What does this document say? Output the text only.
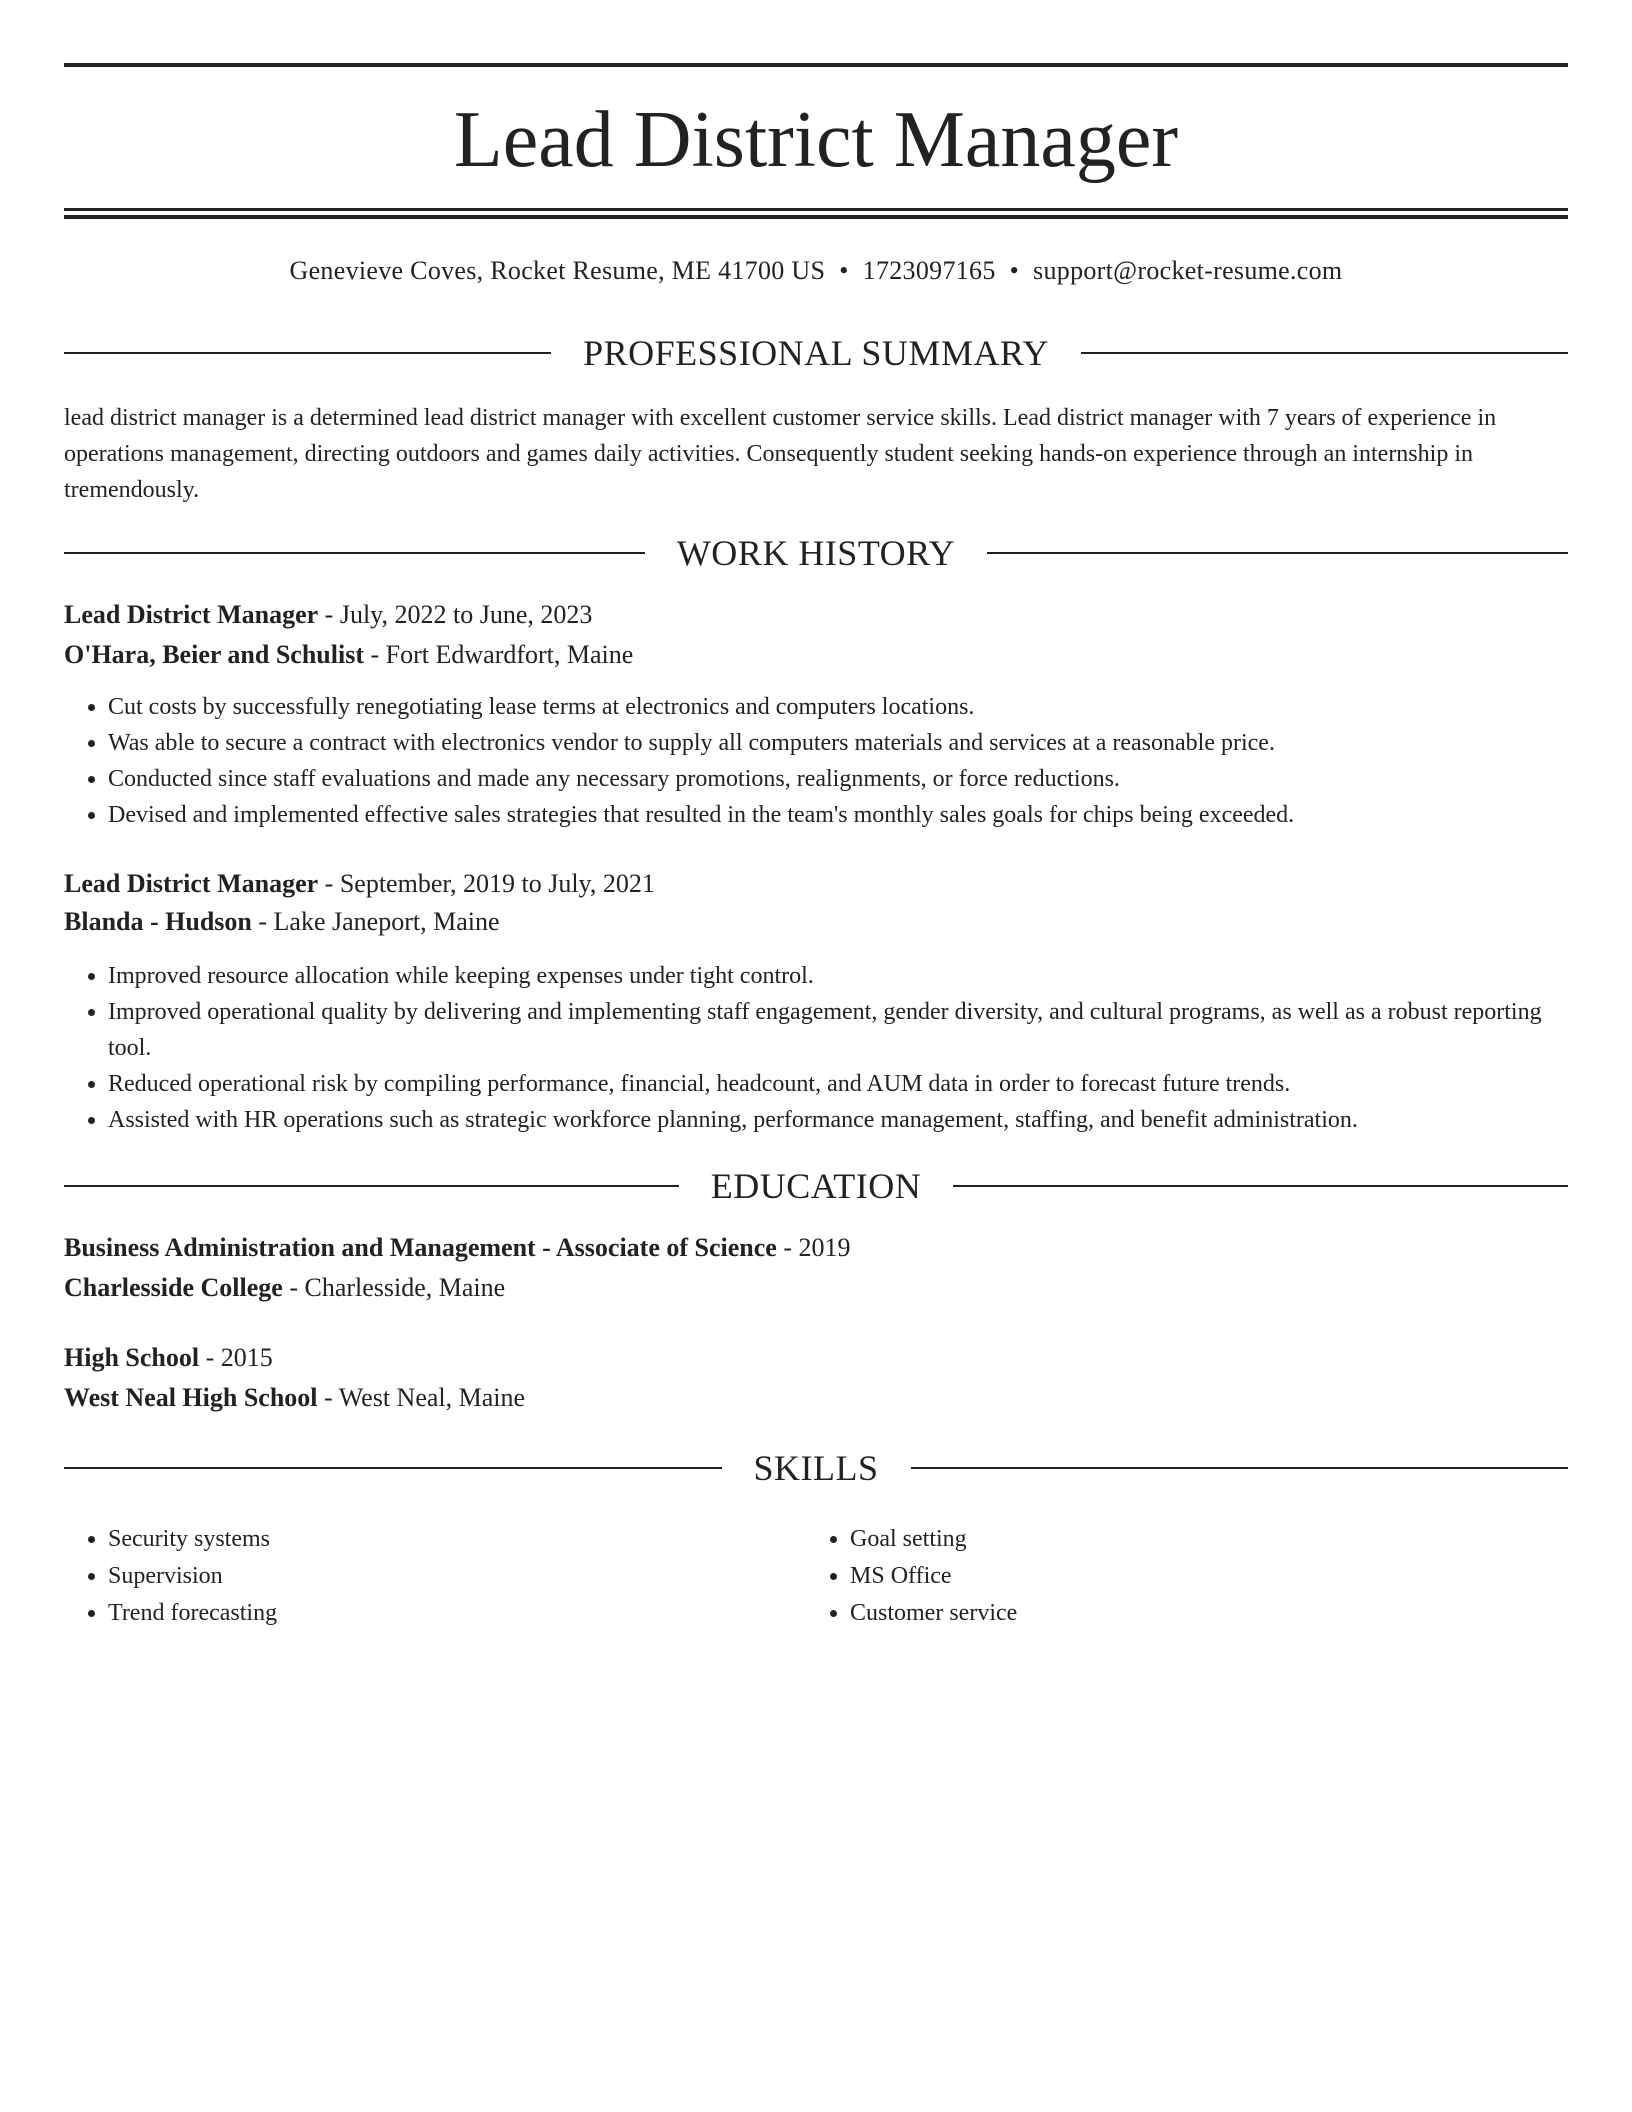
Lead District Manager
Genevieve Coves, Rocket Resume, ME 41700 US • 1723097165 • support@rocket-resume.com
PROFESSIONAL SUMMARY

lead district manager is a determined lead district manager with excellent customer service skills. Lead district manager with 7 years of experience in operations management, directing outdoors and games daily activities. Consequently student seeking hands-on experience through an internship in tremendously.

WORK HISTORY
Lead District Manager - July, 2022 to June, 2023
O'Hara, Beier and Schulist - Fort Edwardfort, Maine
• Cut costs by successfully renegotiating lease terms at electronics and computers locations.
• Was able to secure a contract with electronics vendor to supply all computers materials and services at a reasonable price.
• Conducted since staff evaluations and made any necessary promotions, realignments, or force reductions.
• Devised and implemented effective sales strategies that resulted in the team's monthly sales goals for chips being exceeded.
Lead District Manager - September, 2019 to July, 2021
Blanda - Hudson - Lake Janeport, Maine
• Improved resource allocation while keeping expenses under tight control.
• Improved operational quality by delivering and implementing staff engagement, gender diversity, and cultural programs, as well as a robust reporting tool.
• Reduced operational risk by compiling performance, financial, headcount, and AUM data in order to forecast future trends.
• Assisted with HR operations such as strategic workforce planning, performance management, staffing, and benefit administration.
EDUCATION
Business Administration and Management - Associate of Science - 2019
Charlesside College - Charlesside, Maine
High School - 2015
West Neal High School - West Neal, Maine
SKILLS
• Security systems
• Supervision
• Trend forecasting
• Goal setting
• MS Office
• Customer service
